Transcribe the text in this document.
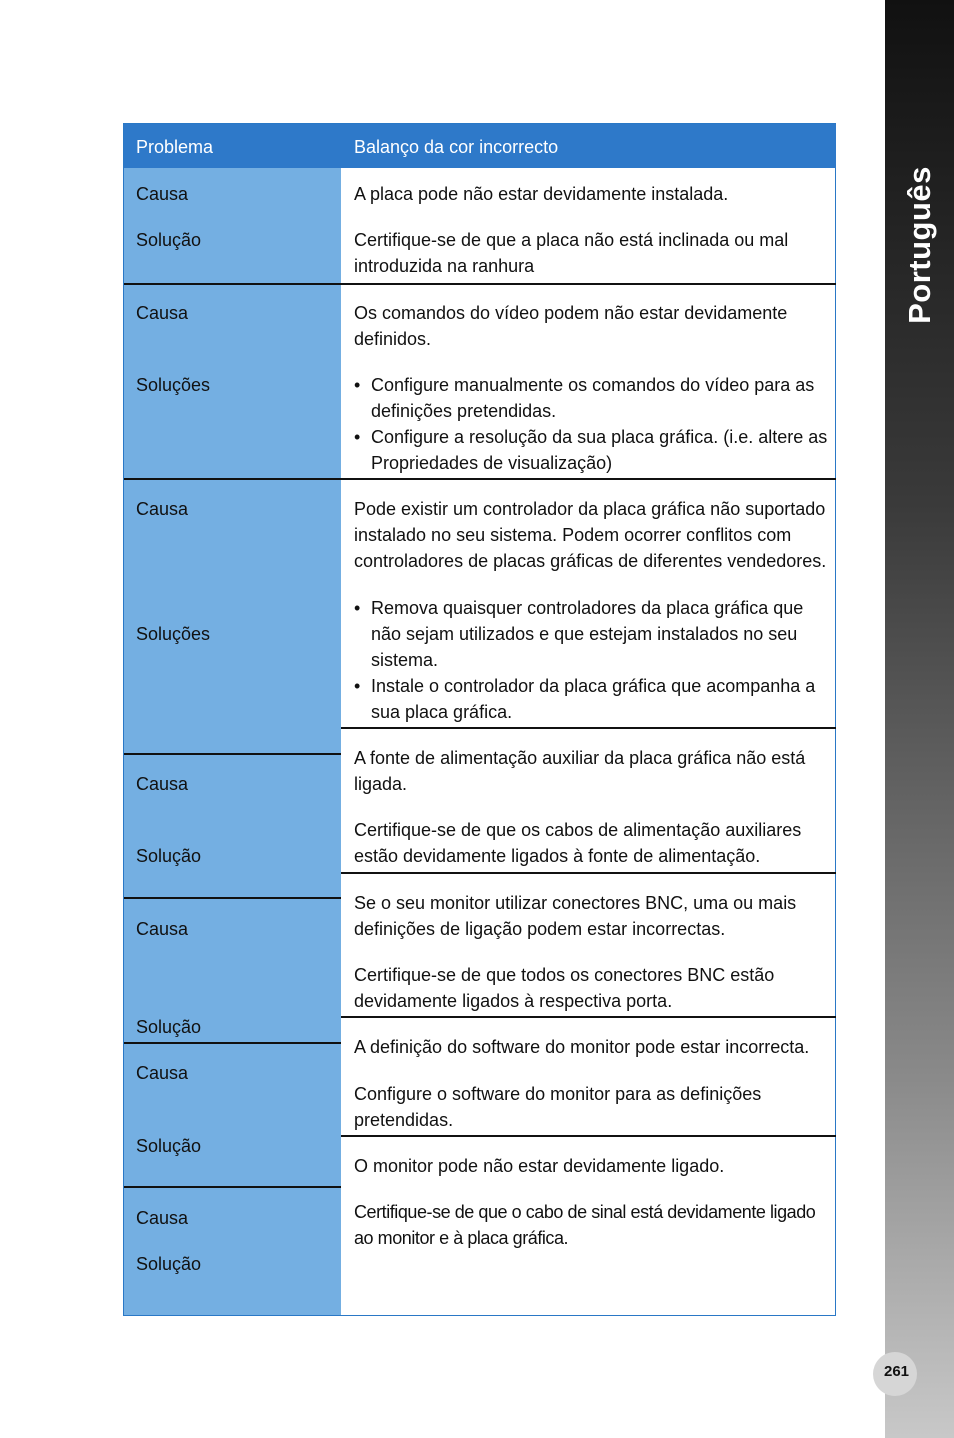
Português
261
Problema	Balanço da cor incorrecto
Causa
Solução
A placa pode não estar devidamente instalada.
Certifique-se de que a placa não está inclinada ou mal
introduzida na ranhura
Causa
Soluções
Os comandos do vídeo podem não estar devidamente
definidos.
• Configure manualmente os comandos do vídeo para as
definições pretendidas.
• Configure a resolução da sua placa gráfica. (i.e. altere as
Propriedades de visualização)
Causa
Soluções
Pode existir um controlador da placa gráfica não suportado
instalado no seu sistema. Podem ocorrer conflitos com
controladores de placas gráficas de diferentes vendedores.
• Remova quaisquer controladores da placa gráfica que
não sejam utilizados e que estejam instalados no seu
sistema.
• Instale o controlador da placa gráfica que acompanha a
sua placa gráfica.
Causa
Solução
A fonte de alimentação auxiliar da placa gráfica não está
ligada.
Certifique-se de que os cabos de alimentação auxiliares
estão devidamente ligados à fonte de alimentação.
Causa
Solução
Se o seu monitor utilizar conectores BNC, uma ou mais
definições de ligação podem estar incorrectas.
Certifique-se de que todos os conectores BNC estão
devidamente ligados à respectiva porta.
Causa
Solução
A definição do software do monitor pode estar incorrecta.
Configure o software do monitor para as definições
pretendidas.
Causa
Solução
O monitor pode não estar devidamente ligado.
Certifique-se de que o cabo de sinal está devidamente ligado
ao monitor e à placa gráfica.
